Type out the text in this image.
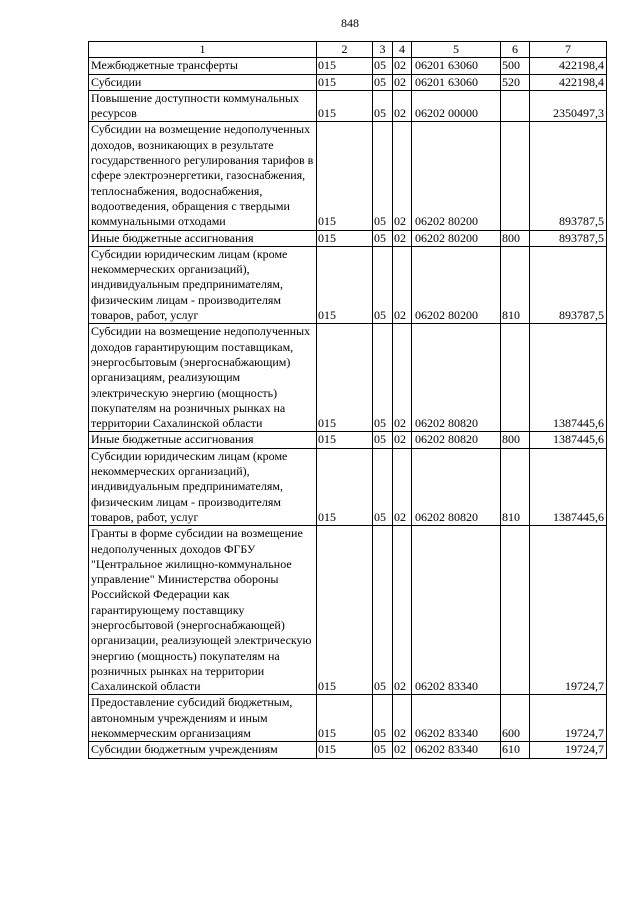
848
1	2	3	4	5	6	7
Межбюджетные трансферты	015	05	02	06201 63060	500	422198,4
Субсидии	015	05	02	06201 63060	520	422198,4
Повышение доступности коммунальных ресурсов	015	05	02	06202 00000		2350497,3
Субсидии на возмещение недополученных доходов, возникающих в результате государственного регулирования тарифов в сфере электроэнергетики, газоснабжения, теплоснабжения, водоснабжения, водоотведения, обращения с твердыми коммунальными отходами	015	05	02	06202 80200		893787,5
Иные бюджетные ассигнования	015	05	02	06202 80200	800	893787,5
Субсидии юридическим лицам (кроме некоммерческих организаций), индивидуальным предпринимателям, физическим лицам - производителям товаров, работ, услуг	015	05	02	06202 80200	810	893787,5
Субсидии на возмещение недополученных доходов гарантирующим поставщикам, энергосбытовым (энергоснабжающим) организациям, реализующим электрическую энергию (мощность) покупателям на розничных рынках на территории Сахалинской области	015	05	02	06202 80820		1387445,6
Иные бюджетные ассигнования	015	05	02	06202 80820	800	1387445,6
Субсидии юридическим лицам (кроме некоммерческих организаций), индивидуальным предпринимателям, физическим лицам - производителям товаров, работ, услуг	015	05	02	06202 80820	810	1387445,6
Гранты в форме субсидии на возмещение недополученных доходов ФГБУ "Центральное жилищно-коммунальное управление" Министерства обороны Российской Федерации как гарантирующему поставщику энергосбытовой (энергоснабжающей) организации, реализующей электрическую энергию (мощность) покупателям на розничных рынках на территории Сахалинской области	015	05	02	06202 83340		19724,7
Предоставление субсидий бюджетным, автономным учреждениям и иным некоммерческим организациям	015	05	02	06202 83340	600	19724,7
Субсидии бюджетным учреждениям	015	05	02	06202 83340	610	19724,7
